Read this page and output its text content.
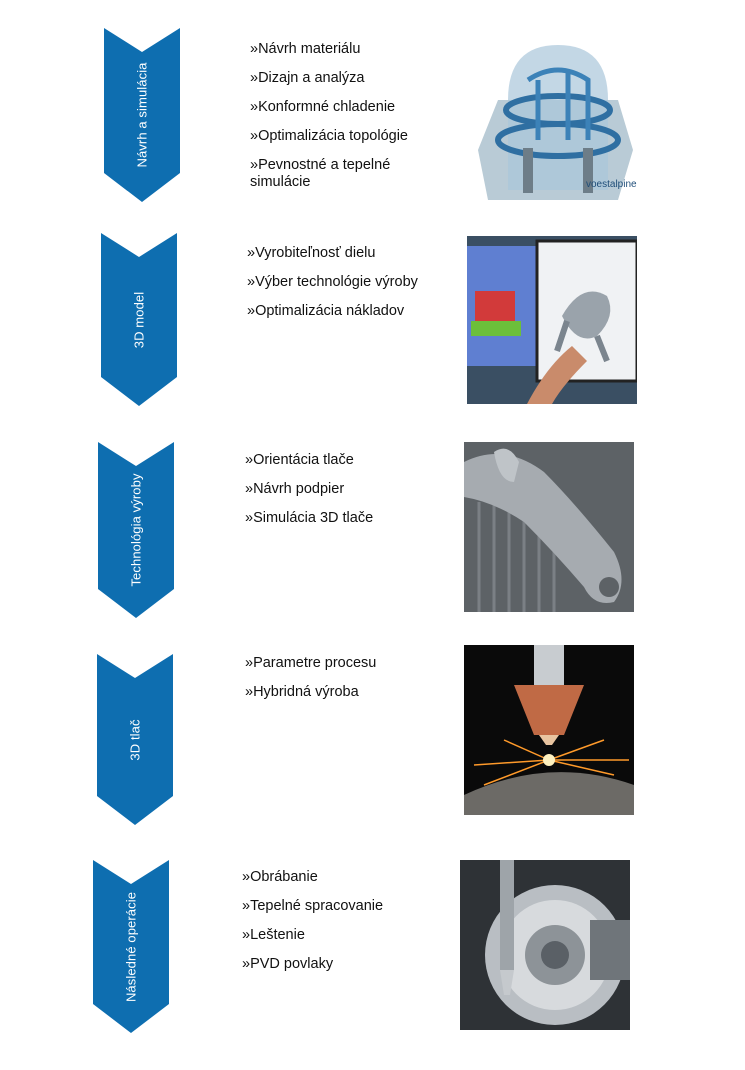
Návrh a simulácia
»Návrh materiálu
»Dizajn a analýza
»Konformné chladenie
»Optimalizácia topológie
»Pevnostné a tepelné simulácie	voestalpine
3D model
»Vyrobiteľnosť dielu
»Výber technológie výroby
»Optimalizácia nákladov
Technológia výroby
»Orientácia tlače
»Návrh podpier
»Simulácia 3D tlače
3D tlač
»Parametre procesu
»Hybridná výroba
Následné operácie
»Obrábanie
»Tepelné spracovanie
»Leštenie
»PVD povlaky
